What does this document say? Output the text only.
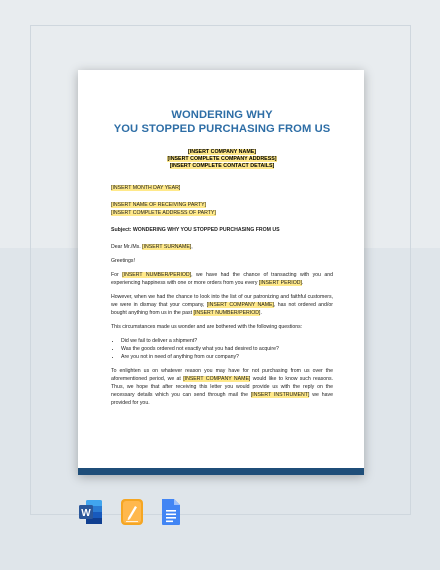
WONDERING WHY
YOU STOPPED PURCHASING FROM US
[INSERT COMPANY NAME]
[INSERT COMPLETE COMPANY ADDRESS]
[INSERT COMPLETE CONTACT DETAILS]

[INSERT MONTH DAY YEAR]

[INSERT NAME OF RECEIVING PARTY]

[INSERT COMPLETE ADDRESS OF PARTY]

Subject: WONDERING WHY YOU STOPPED PURCHASING FROM US

Dear Mr./Ms. [INSERT SURNAME],

Greetings!

For [INSERT NUMBER/PERIOD], we have had the chance of transacting with you and experiencing happiness with one or more orders from you every [INSERT PERIOD].

However, when we had the chance to look into the list of our patronizing and faithful customers, we were in dismay that your company, [INSERT COMPANY NAME], has not ordered and/or bought anything from us in the past [INSERT NUMBER/PERIOD].

This circumstances made us wonder and are bothered with the following questions:

• Did we fail to deliver a shipment?
• Was the goods ordered not exactly what you had desired to acquire?
• Are you not in need of anything from our company?

To enlighten us on whatever reason you may have for not purchasing from us over the aforementioned period, we at [INSERT COMPANY NAME] would like to know such reasons. Thus, we hope that after receiving this letter you would provide us with the reply on the necessary details which you can send through mail the [INSERT INSTRUMENT] we have provided for you.

W
